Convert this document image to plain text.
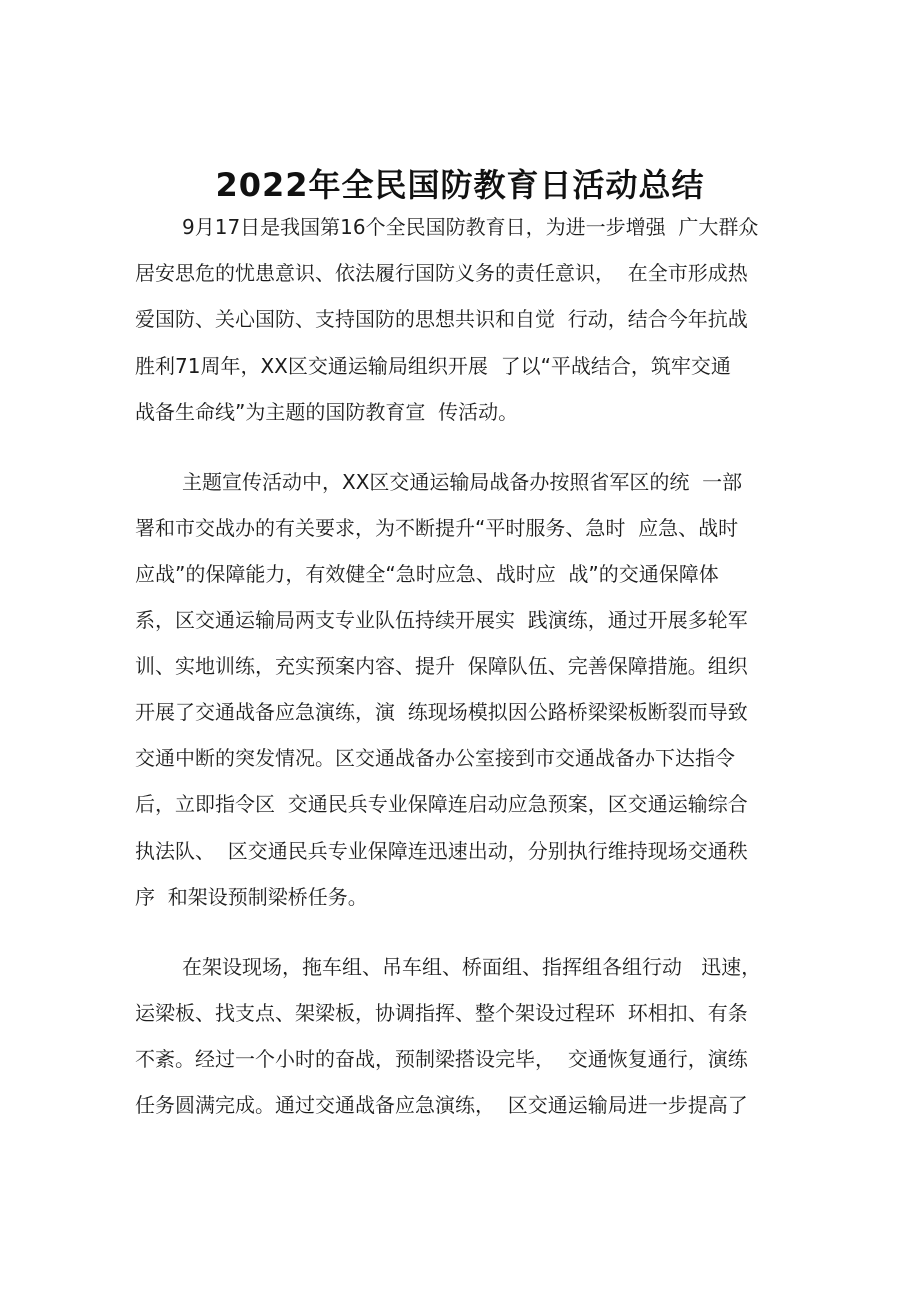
2022年全民国防教育日活动总结

9月17日是我国第16个全民国防教育日，为进一步增强  广大群众

居安思危的忧患意识、依法履行国防义务的责任意识，  在全市形成热

爱国防、关心国防、支持国防的思想共识和自觉  行动，结合今年抗战

胜利71周年，XX区交通运输局组织开展  了以“平战结合，筑牢交通

战备生命线”为主题的国防教育宣  传活动。

主题宣传活动中，XX区交通运输局战备办按照省军区的统  一部

署和市交战办的有关要求，为不断提升“平时服务、急时  应急、战时

应战”的保障能力，有效健全“急时应急、战时应  战”的交通保障体

系，区交通运输局两支专业队伍持续开展实  践演练，通过开展多轮军

训、实地训练，充实预案内容、提升  保障队伍、完善保障措施。组织

开展了交通战备应急演练，演  练现场模拟因公路桥梁梁板断裂而导致

交通中断的突发情况。区交通战备办公室接到市交通战备办下达指令

后，立即指令区  交通民兵专业保障连启动应急预案，区交通运输综合

执法队、  区交通民兵专业保障连迅速出动，分别执行维持现场交通秩

序  和架设预制梁桥任务。

在架设现场，拖车组、吊车组、桥面组、指挥组各组行动   迅速，

运梁板、找支点、架梁板，协调指挥、整个架设过程环  环相扣、有条

不紊。经过一个小时的奋战，预制梁搭设完毕，  交通恢复通行，演练

任务圆满完成。通过交通战备应急演练，  区交通运输局进一步提高了
